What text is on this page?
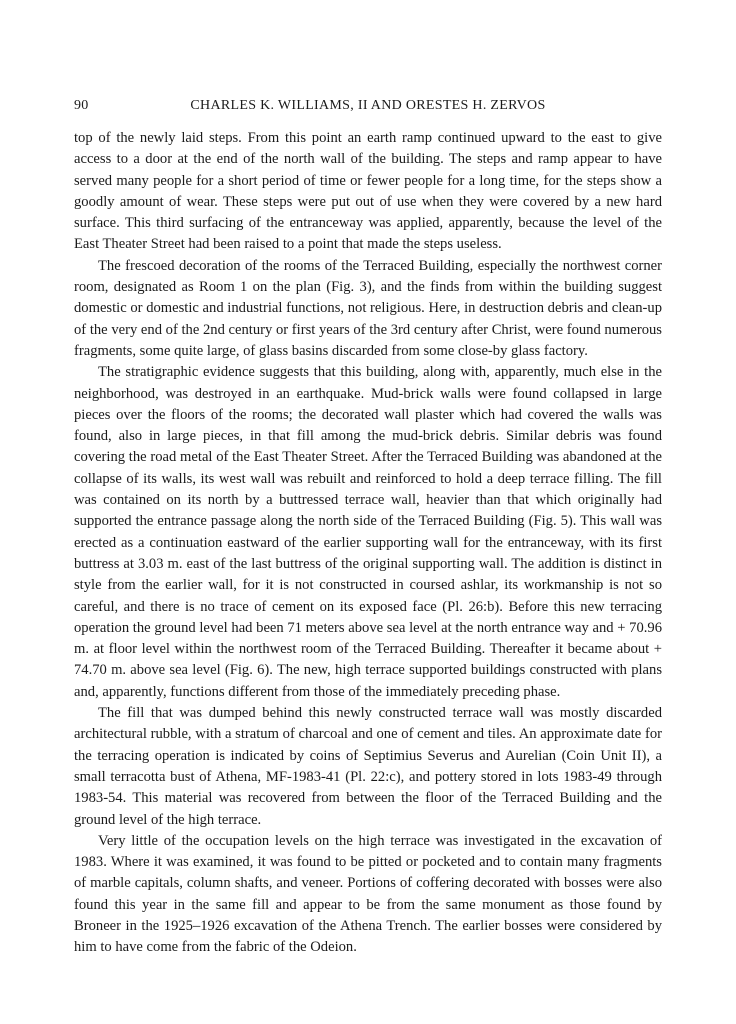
90	CHARLES K. WILLIAMS, II AND ORESTES H. ZERVOS

top of the newly laid steps. From this point an earth ramp continued upward to the east to give access to a door at the end of the north wall of the building. The steps and ramp appear to have served many people for a short period of time or fewer people for a long time, for the steps show a goodly amount of wear. These steps were put out of use when they were covered by a new hard surface. This third surfacing of the entranceway was applied, apparently, because the level of the East Theater Street had been raised to a point that made the steps useless.

The frescoed decoration of the rooms of the Terraced Building, especially the northwest corner room, designated as Room 1 on the plan (Fig. 3), and the finds from within the building suggest domestic or domestic and industrial functions, not religious. Here, in destruction debris and clean-up of the very end of the 2nd century or first years of the 3rd century after Christ, were found numerous fragments, some quite large, of glass basins discarded from some close-by glass factory.

The stratigraphic evidence suggests that this building, along with, apparently, much else in the neighborhood, was destroyed in an earthquake. Mud-brick walls were found collapsed in large pieces over the floors of the rooms; the decorated wall plaster which had covered the walls was found, also in large pieces, in that fill among the mud-brick debris. Similar debris was found covering the road metal of the East Theater Street. After the Terraced Building was abandoned at the collapse of its walls, its west wall was rebuilt and reinforced to hold a deep terrace filling. The fill was contained on its north by a buttressed terrace wall, heavier than that which originally had supported the entrance passage along the north side of the Terraced Building (Fig. 5). This wall was erected as a continuation eastward of the earlier supporting wall for the entranceway, with its first buttress at 3.03 m. east of the last buttress of the original supporting wall. The addition is distinct in style from the earlier wall, for it is not constructed in coursed ashlar, its workmanship is not so careful, and there is no trace of cement on its exposed face (Pl. 26:b). Before this new terracing operation the ground level had been 71 meters above sea level at the north entrance way and + 70.96 m. at floor level within the northwest room of the Terraced Building. Thereafter it became about + 74.70 m. above sea level (Fig. 6). The new, high terrace supported buildings constructed with plans and, apparently, functions different from those of the immediately preceding phase.

The fill that was dumped behind this newly constructed terrace wall was mostly discarded architectural rubble, with a stratum of charcoal and one of cement and tiles. An approximate date for the terracing operation is indicated by coins of Septimius Severus and Aurelian (Coin Unit II), a small terracotta bust of Athena, MF-1983-41 (Pl. 22:c), and pottery stored in lots 1983-49 through 1983-54. This material was recovered from between the floor of the Terraced Building and the ground level of the high terrace.

Very little of the occupation levels on the high terrace was investigated in the excavation of 1983. Where it was examined, it was found to be pitted or pocketed and to contain many fragments of marble capitals, column shafts, and veneer. Portions of coffering decorated with bosses were also found this year in the same fill and appear to be from the same monument as those found by Broneer in the 1925–1926 excavation of the Athena Trench. The earlier bosses were considered by him to have come from the fabric of the Odeion.
